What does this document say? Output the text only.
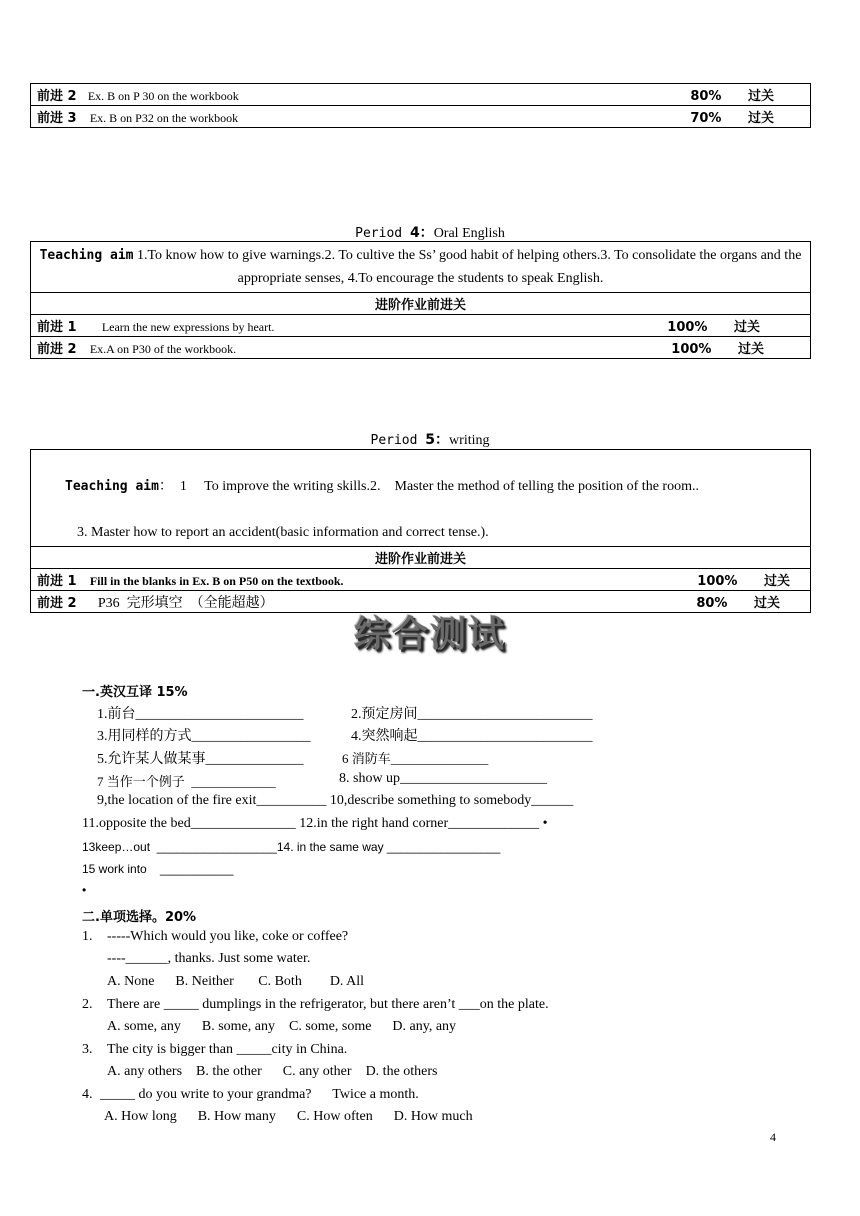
前进 2 Ex. B on P 30 on the workbook	80% 过关

前进 3 Ex. B on P32 on the workbook	70% 过关
Period 4：Oral English
Teaching aim 1.To know how to give warnings.2. To cultive the Ss’ good habit of helping others.3. To consolidate the organs and the appropriate senses, 4.To encourage the students to speak English.
进阶作业前进关
前进 1 Learn the new expressions by heart.	100% 过关

前进 2 Ex.A on P30 of the workbook.	100% 过关
Period 5：writing

Teaching aim：  1     To improve the writing skills.2.    Master the method of telling the position of the room..

3. Master how to report an accident(basic information and correct tense.).

进阶作业前进关
前进 1 Fill in the blanks in Ex. B on P50 on the textbook.	100% 过关

前进 2 P36  完形填空  （全能超越）	80% 过关
综合测试
一.英汉互译 15%
1.前台________________________	2.预定房间_________________________
3.用同样的方式_________________	4.突然响起_________________________
5.允许某人做某事______________	6 消防车_______________
7 当作一个例子  _____________	8. show up_____________________
9,the location of the fire exit__________ 10,describe something to somebody______
11.opposite the bed_______________ 12.in the right hand corner_____________ •
13keep…out  __________________14. in the same way _________________
15 work into    ___________
•
二.单项选择。20%
1. -----Which would you like, coke or coffee?
----______, thanks. Just some water.
A. None      B. Neither       C. Both        D. All
2. There are _____ dumplings in the refrigerator, but there aren’t ___on the plate.
A. some, any      B. some, any    C. some, some      D. any, any
3. The city is bigger than _____city in China.
A. any others    B. the other      C. any other    D. the others
4. _____ do you write to your grandma?      Twice a month.
A. How long      B. How many      C. How often      D. How much
4
